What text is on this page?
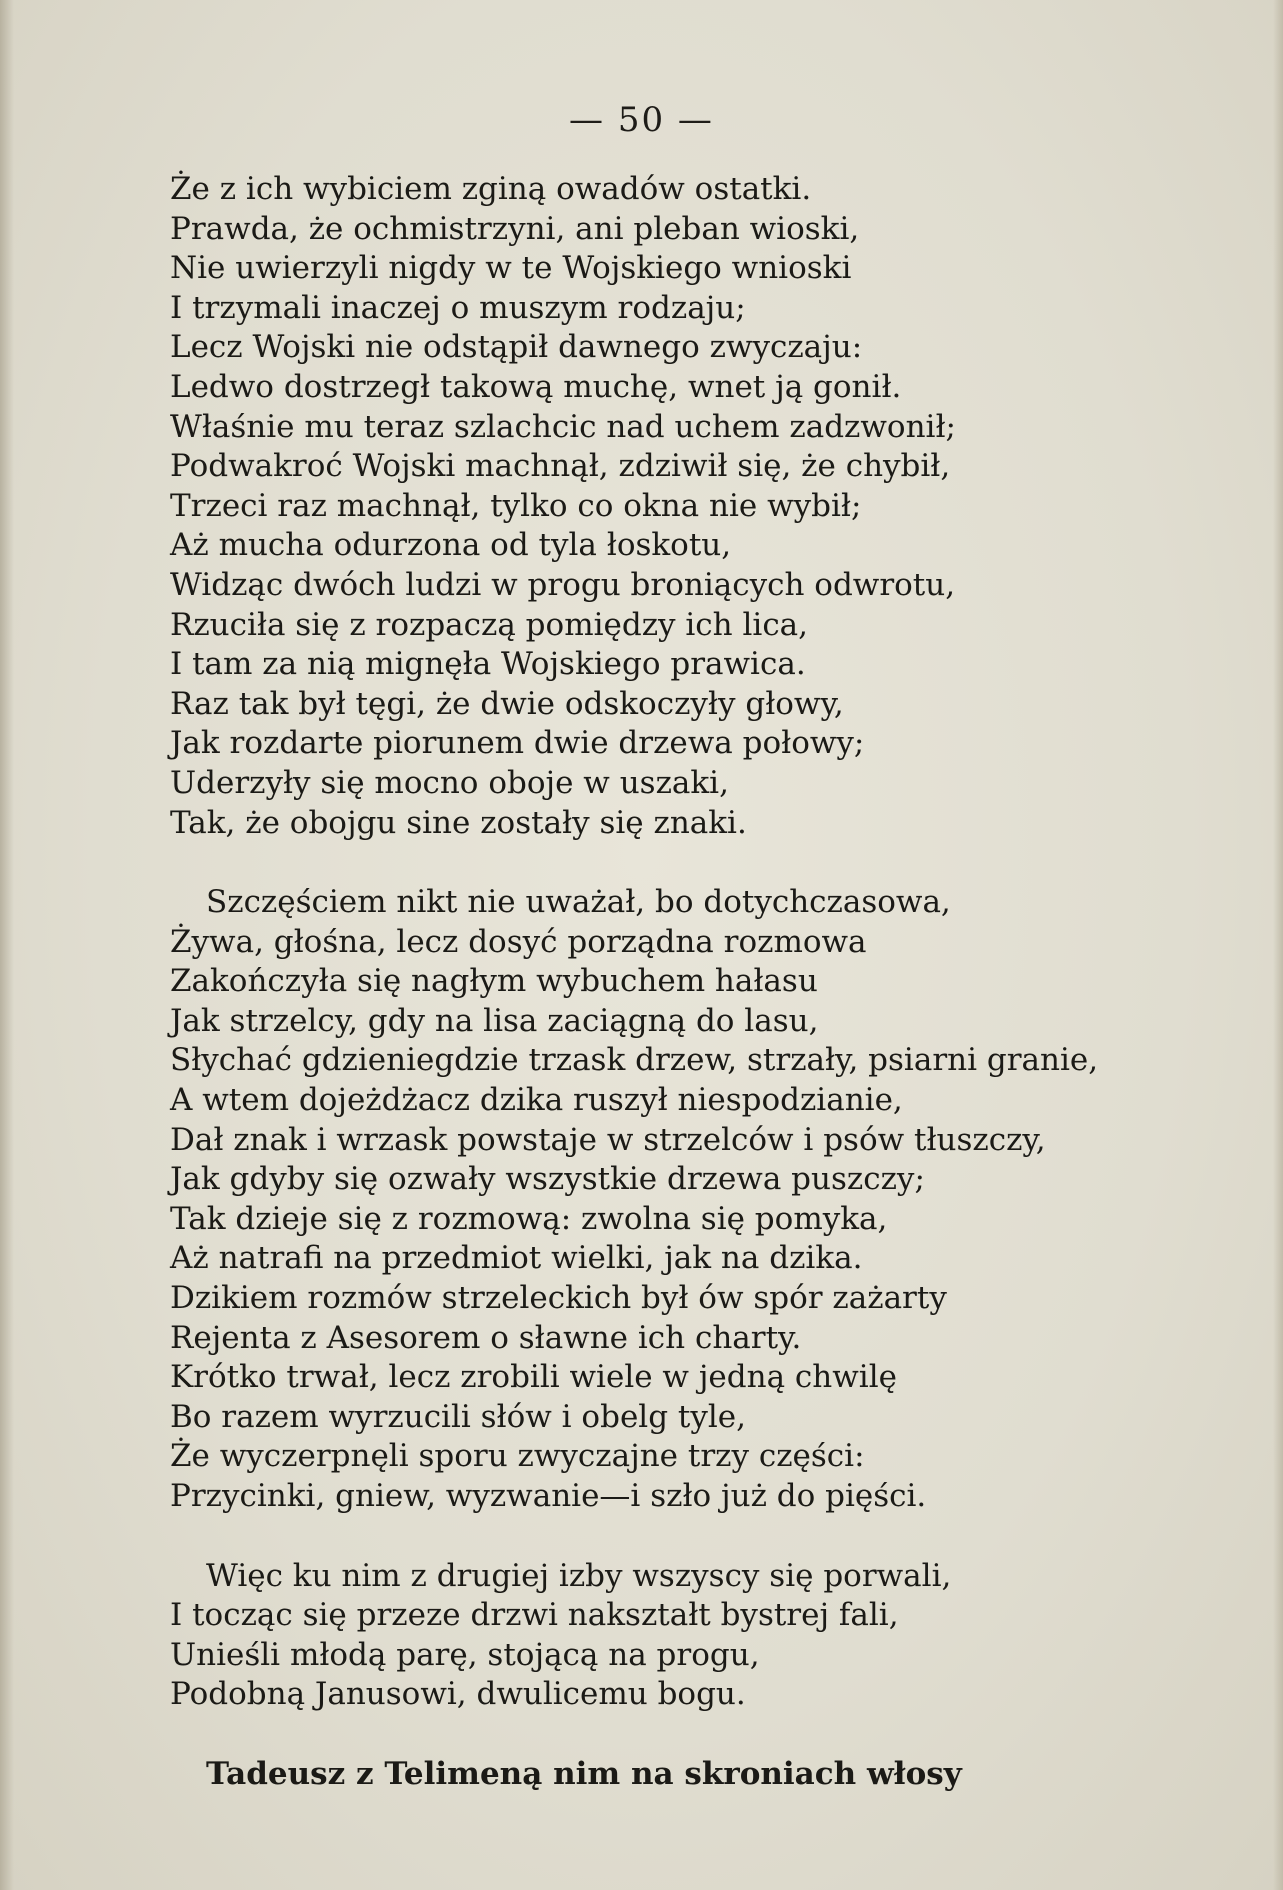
— 50 —
Że z ich wybiciem zginą owadów ostatki.
Prawda, że ochmistrzyni, ani pleban wioski,
Nie uwierzyli nigdy w te Wojskiego wnioski
I trzymali inaczej o muszym rodzaju;
Lecz Wojski nie odstąpił dawnego zwyczaju:
Ledwo dostrzegł takową muchę, wnet ją gonił.
Właśnie mu teraz szlachcic nad uchem zadzwonił;
Podwakroć Wojski machnął, zdziwił się, że chybił,
Trzeci raz machnął, tylko co okna nie wybił;
Aż mucha odurzona od tyla łoskotu,
Widząc dwóch ludzi w progu broniących odwrotu,
Rzuciła się z rozpaczą pomiędzy ich lica,
I tam za nią mignęła Wojskiego prawica.
Raz tak był tęgi, że dwie odskoczyły głowy,
Jak rozdarte piorunem dwie drzewa połowy;
Uderzyły się mocno oboje w uszaki,
Tak, że obojgu sine zostały się znaki.
Szczęściem nikt nie uważał, bo dotychczasowa,
Żywa, głośna, lecz dosyć porządna rozmowa
Zakończyła się nagłym wybuchem hałasu
Jak strzelcy, gdy na lisa zaciągną do lasu,
Słychać gdzieniegdzie trzask drzew, strzały, psiarni granie,
A wtem dojeżdżacz dzika ruszył niespodzianie,
Dał znak i wrzask powstaje w strzelców i psów tłuszczy,
Jak gdyby się ozwały wszystkie drzewa puszczy;
Tak dzieje się z rozmową: zwolna się pomyka,
Aż natrafi na przedmiot wielki, jak na dzika.
Dzikiem rozmów strzeleckich był ów spór zażarty
Rejenta z Asesorem o sławne ich charty.
Krótko trwał, lecz zrobili wiele w jedną chwilę
Bo razem wyrzucili słów i obelg tyle,
Że wyczerpnęli sporu zwyczajne trzy części:
Przycinki, gniew, wyzwanie—i szło już do pięści.
Więc ku nim z drugiej izby wszyscy się porwali,
I tocząc się przeze drzwi nakształt bystrej fali,
Unieśli młodą parę, stojącą na progu,
Podobną Janusowi, dwulicemu bogu.
Tadeusz z Telimeną nim na skroniach włosy
